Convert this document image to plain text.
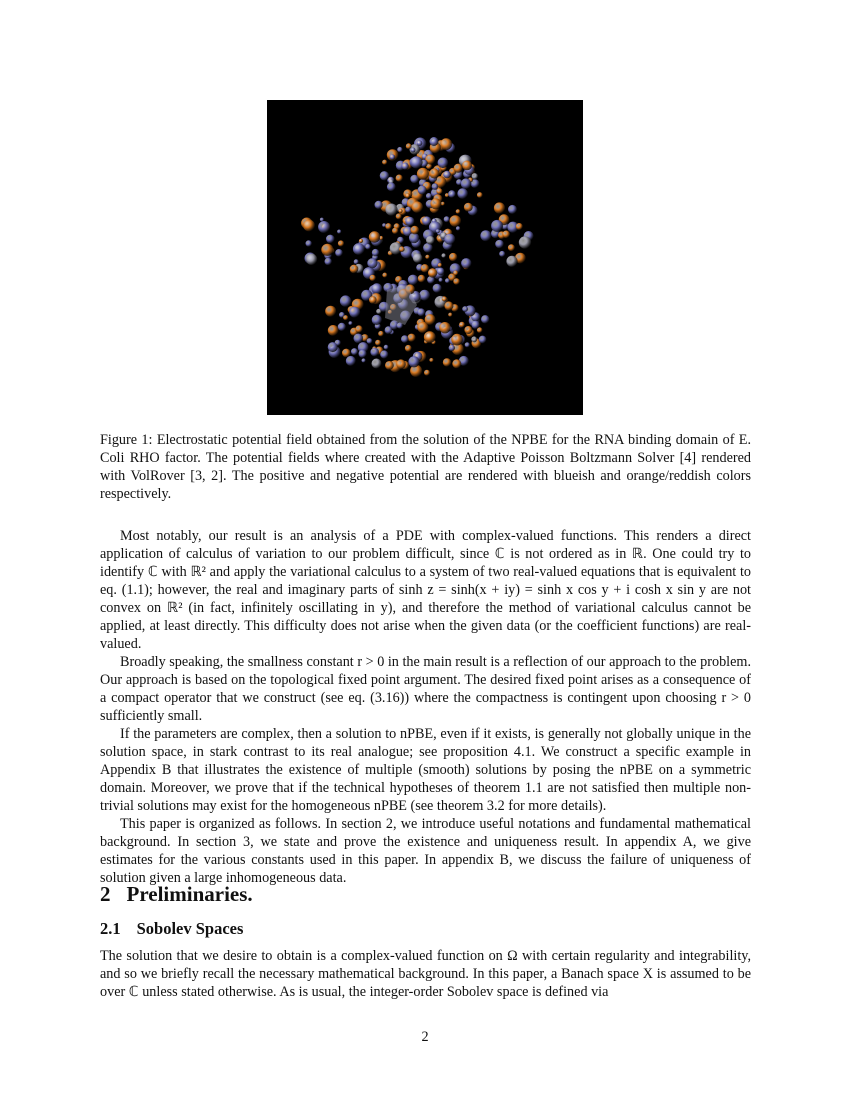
Figure 1: Electrostatic potential field obtained from the solution of the NPBE for the RNA binding domain of E. Coli RHO factor. The potential fields where created with the Adaptive Poisson Boltzmann Solver [4] rendered with VolRover [3, 2]. The positive and negative potential are rendered with blueish and orange/reddish colors respectively.

Most notably, our result is an analysis of a PDE with complex-valued functions. This renders a direct application of calculus of variation to our problem difficult, since ℂ is not ordered as in ℝ. One could try to identify ℂ with ℝ² and apply the variational calculus to a system of two real-valued equations that is equivalent to eq. (1.1); however, the real and imaginary parts of sinh z = sinh(x + iy) = sinh x cos y + i cosh x sin y are not convex on ℝ² (in fact, infinitely oscillating in y), and therefore the method of variational calculus cannot be applied, at least directly. This difficulty does not arise when the given data (or the coefficient functions) are real-valued.

Broadly speaking, the smallness constant r > 0 in the main result is a reflection of our approach to the problem. Our approach is based on the topological fixed point argument. The desired fixed point arises as a consequence of a compact operator that we construct (see eq. (3.16)) where the compactness is contingent upon choosing r > 0 sufficiently small.

If the parameters are complex, then a solution to nPBE, even if it exists, is generally not globally unique in the solution space, in stark contrast to its real analogue; see proposition 4.1. We construct a specific example in Appendix B that illustrates the existence of multiple (smooth) solutions by posing the nPBE on a symmetric domain. Moreover, we prove that if the technical hypotheses of theorem 1.1 are not satisfied then multiple non-trivial solutions may exist for the homogeneous nPBE (see theorem 3.2 for more details).

This paper is organized as follows. In section 2, we introduce useful notations and fundamental mathematical background. In section 3, we state and prove the existence and uniqueness result. In appendix A, we give estimates for the various constants used in this paper. In appendix B, we discuss the failure of uniqueness of solution given a large inhomogeneous data.

2 Preliminaries.
2.1 Sobolev Spaces

The solution that we desire to obtain is a complex-valued function on Ω with certain regularity and integrability, and so we briefly recall the necessary mathematical background. In this paper, a Banach space X is assumed to be over ℂ unless stated otherwise. As is usual, the integer-order Sobolev space is defined via

2
